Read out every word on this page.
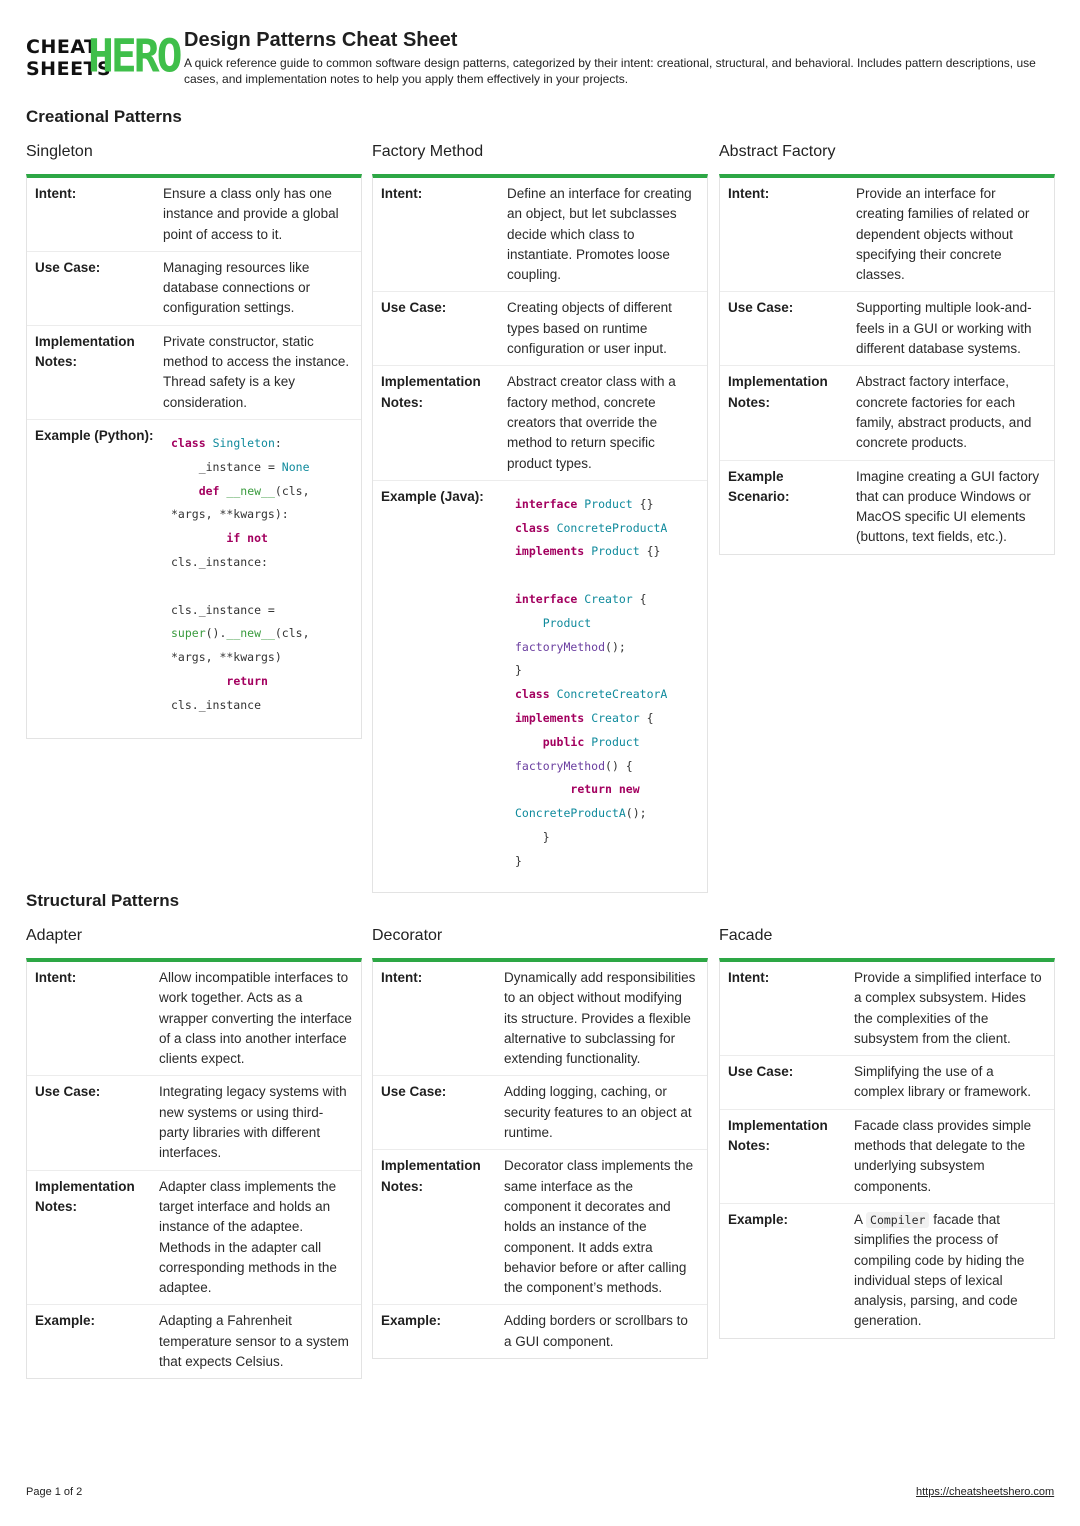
CHEAT
SHEETS
HERO Design Patterns Cheat Sheet
A quick reference guide to common software design patterns, categorized by their intent: creational, structural, and behavioral. Includes pattern descriptions, use cases, and implementation notes to help you apply them effectively in your projects.
Creational Patterns
Singleton
Intent:	Ensure a class only has one instance and provide a global point of access to it.
Use Case:	Managing resources like database connections or configuration settings.
Implementation Notes:
Private constructor, static method to access the instance. Thread safety is a key consideration.
Example (Python):	class Singleton:
_instance = None
def __new__(cls,
*args, **kwargs):
if not
cls._instance:

cls._instance =
super().__new__(cls,
*args, **kwargs)
return
cls._instance
Factory Method
Intent:	Define an interface for creating an object, but let subclasses decide which class to instantiate. Promotes loose coupling.
Use Case:	Creating objects of different types based on runtime configuration or user input.
Implementation Notes:
Abstract creator class with a factory method, concrete creators that override the method to return specific product types.
Example (Java):	interface Product {}
class ConcreteProductA
implements Product {}

interface Creator {
Product
factoryMethod();
}
class ConcreteCreatorA
implements Creator {
public Product
factoryMethod() {
return new
ConcreteProductA();
}
}
Abstract Factory
Intent:	Provide an interface for creating families of related or dependent objects without specifying their concrete classes.
Use Case:	Supporting multiple look-and-feels in a GUI or working with different database systems.
Implementation Notes:
Abstract factory interface, concrete factories for each family, abstract products, and concrete products.
Example Scenario:
Imagine creating a GUI factory that can produce Windows or MacOS specific UI elements (buttons, text fields, etc.).
Structural Patterns
Adapter
Intent:	Allow incompatible interfaces to work together. Acts as a wrapper converting the interface of a class into another interface clients expect.
Use Case:	Integrating legacy systems with new systems or using third-party libraries with different interfaces.
Implementation Notes:
Adapter class implements the target interface and holds an instance of the adaptee. Methods in the adapter call corresponding methods in the adaptee.
Example:	Adapting a Fahrenheit temperature sensor to a system that expects Celsius.
Decorator
Intent:	Dynamically add responsibilities to an object without modifying its structure. Provides a flexible alternative to subclassing for extending functionality.
Use Case:	Adding logging, caching, or security features to an object at runtime.
Implementation Notes:
Decorator class implements the same interface as the component it decorates and holds an instance of the component. It adds extra behavior before or after calling the component’s methods.
Example:	Adding borders or scrollbars to a GUI component.
Facade
Intent:	Provide a simplified interface to a complex subsystem. Hides the complexities of the subsystem from the client.
Use Case:	Simplifying the use of a complex library or framework.
Implementation Notes:
Facade class provides simple methods that delegate to the underlying subsystem components.
Example:	A Compiler facade that simplifies the process of compiling code by hiding the individual steps of lexical analysis, parsing, and code generation.
Page 1 of 2	https://cheatsheetshero.com
